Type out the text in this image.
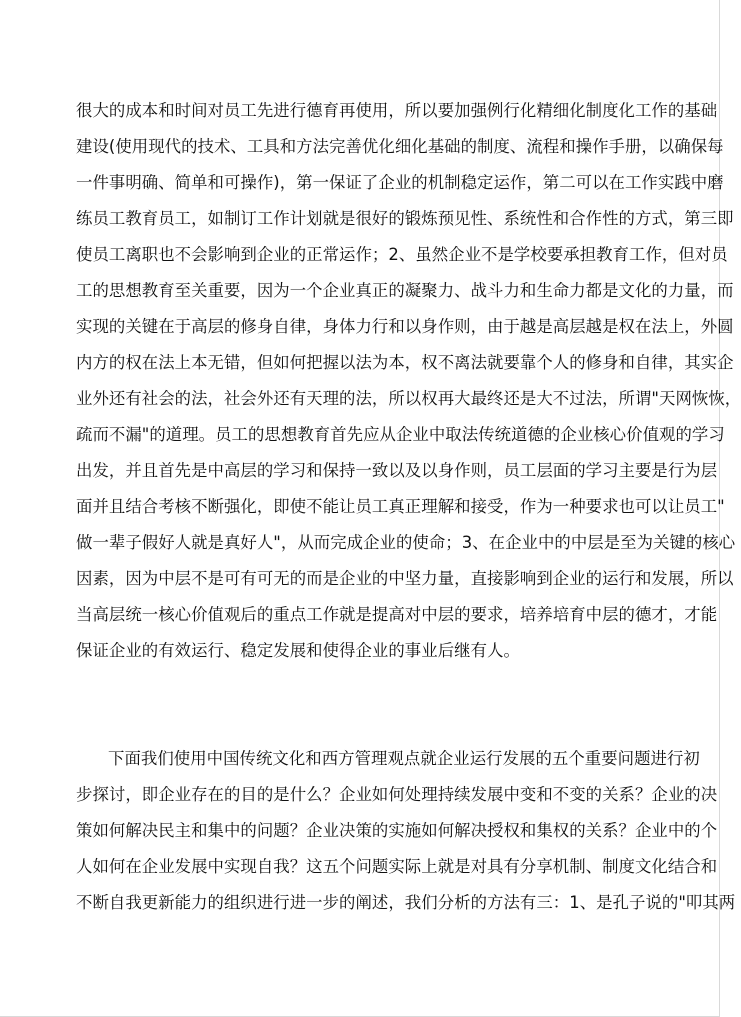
很大的成本和时间对员工先进行德育再使用，所以要加强例行化精细化制度化工作的基础
建设(使用现代的技术、工具和方法完善优化细化基础的制度、流程和操作手册，以确保每
一件事明确、简单和可操作)，第一保证了企业的机制稳定运作，第二可以在工作实践中磨
练员工教育员工，如制订工作计划就是很好的锻炼预见性、系统性和合作性的方式，第三即
使员工离职也不会影响到企业的正常运作；2、虽然企业不是学校要承担教育工作，但对员
工的思想教育至关重要，因为一个企业真正的凝聚力、战斗力和生命力都是文化的力量，而
实现的关键在于高层的修身自律，身体力行和以身作则，由于越是高层越是权在法上，外圆
内方的权在法上本无错，但如何把握以法为本，权不离法就要靠个人的修身和自律，其实企
业外还有社会的法，社会外还有天理的法，所以权再大最终还是大不过法，所谓"天网恢恢，
疏而不漏"的道理。员工的思想教育首先应从企业中取法传统道德的企业核心价值观的学习
出发，并且首先是中高层的学习和保持一致以及以身作则，员工层面的学习主要是行为层
面并且结合考核不断强化，即使不能让员工真正理解和接受，作为一种要求也可以让员工"
做一辈子假好人就是真好人"，从而完成企业的使命；3、在企业中的中层是至为关键的核心
因素，因为中层不是可有可无的而是企业的中坚力量，直接影响到企业的运行和发展，所以
当高层统一核心价值观后的重点工作就是提高对中层的要求，培养培育中层的德才，才能
保证企业的有效运行、稳定发展和使得企业的事业后继有人。
下面我们使用中国传统文化和西方管理观点就企业运行发展的五个重要问题进行初
步探讨，即企业存在的目的是什么？企业如何处理持续发展中变和不变的关系？企业的决
策如何解决民主和集中的问题？企业决策的实施如何解决授权和集权的关系？企业中的个
人如何在企业发展中实现自我？这五个问题实际上就是对具有分享机制、制度文化结合和
不断自我更新能力的组织进行进一步的阐述，我们分析的方法有三：1、是孔子说的"叩其两
